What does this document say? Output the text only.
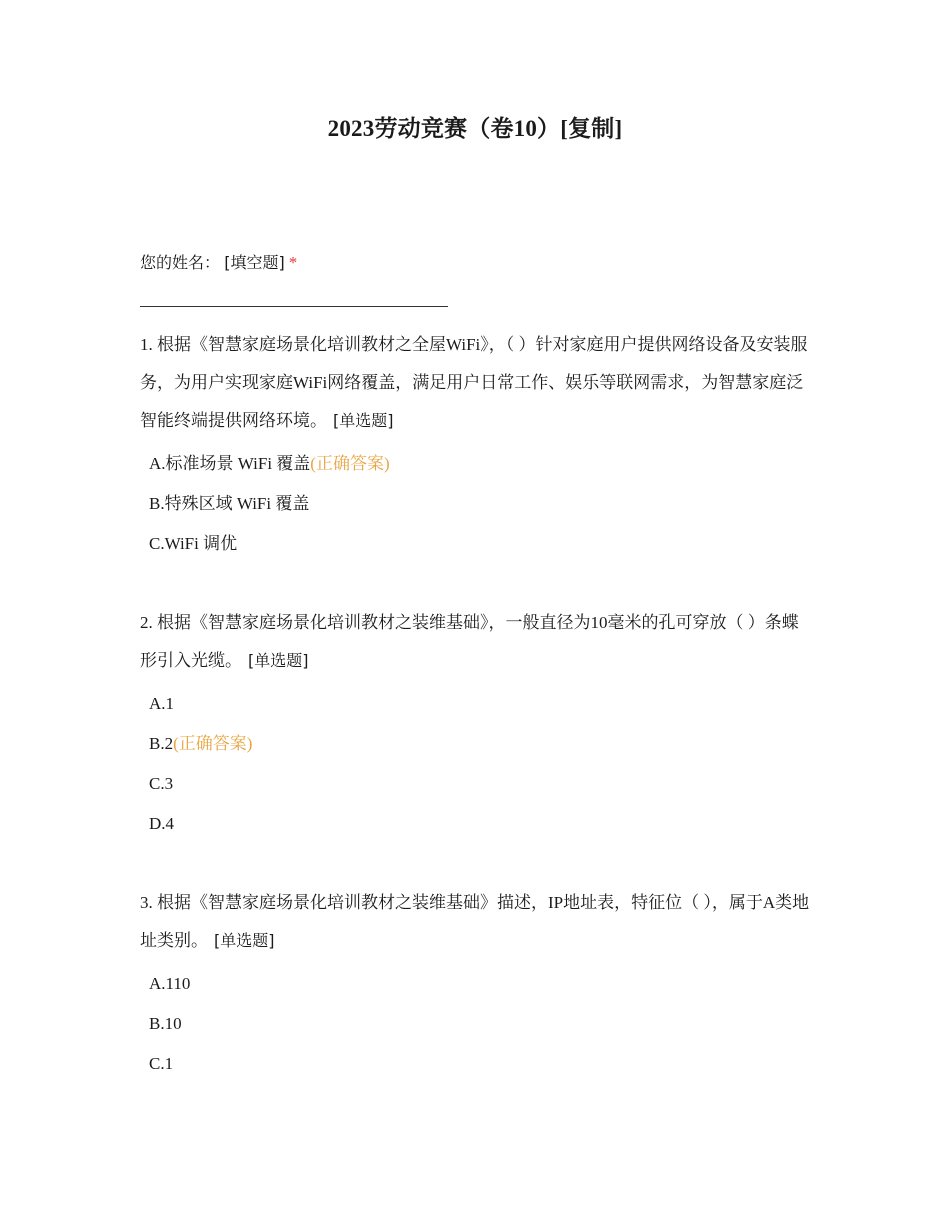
2023劳动竞赛（卷10）[复制]
您的姓名： [填空题] *
1. 根据《智慧家庭场景化培训教材之全屋WiFi》，（ ）针对家庭用户提供网络设备及安装服务，为用户实现家庭WiFi网络覆盖，满足用户日常工作、娱乐等联网需求，为智慧家庭泛智能终端提供网络环境。 [单选题]
A.标准场景 WiFi 覆盖(正确答案)
B.特殊区域 WiFi 覆盖
C.WiFi 调优
2. 根据《智慧家庭场景化培训教材之装维基础》，一般直径为10毫米的孔可穿放（ ）条蝶形引入光缆。 [单选题]
A.1
B.2(正确答案)
C.3
D.4
3. 根据《智慧家庭场景化培训教材之装维基础》描述，IP地址表，特征位（ ），属于A类地址类别。 [单选题]
A.110
B.10
C.1
